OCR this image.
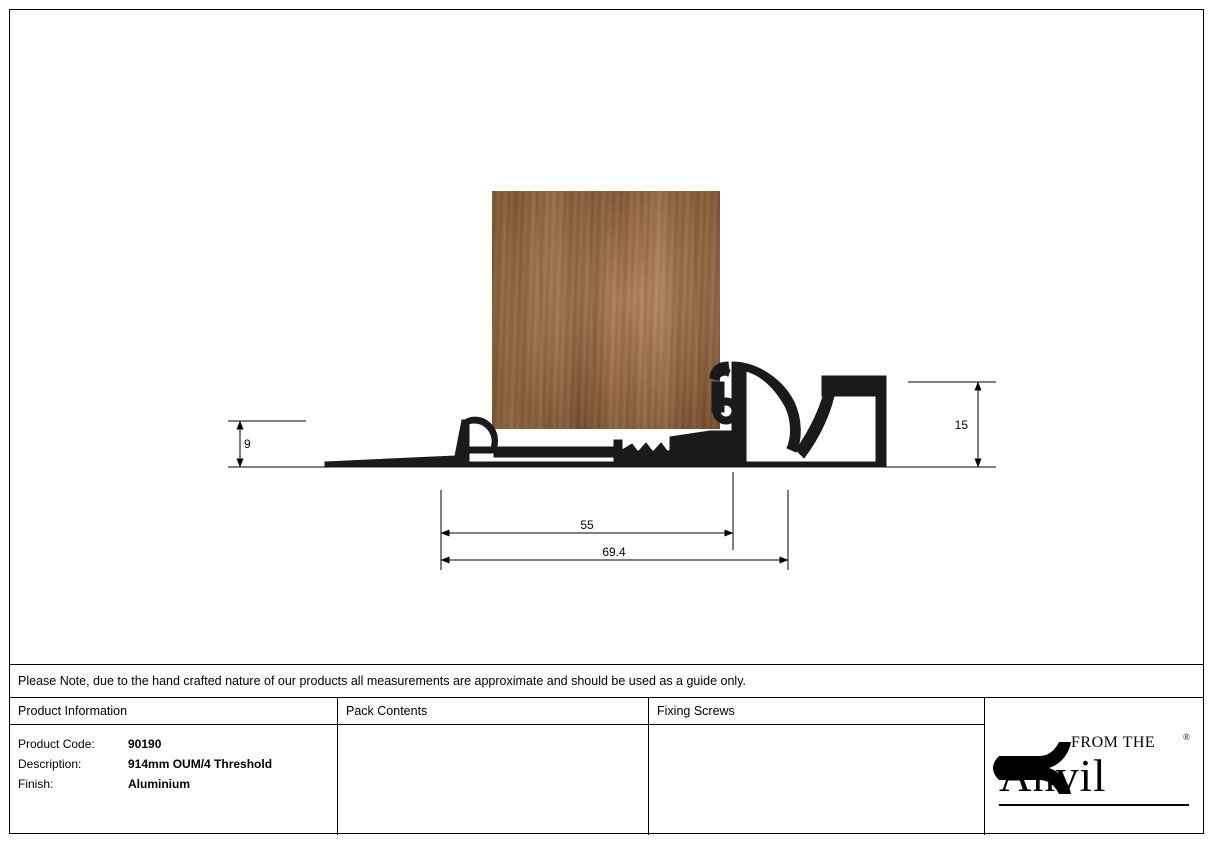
9
15
55
69.4
Please Note, due to the hand crafted nature of our products all measurements are approximate and should be used as a guide only.
Product Information	Pack Contents	Fixing Screws
Product Code:	90190
Description:	914mm OUM/4 Threshold
Finish:	Aluminium
FROM THE
Anvil
®
